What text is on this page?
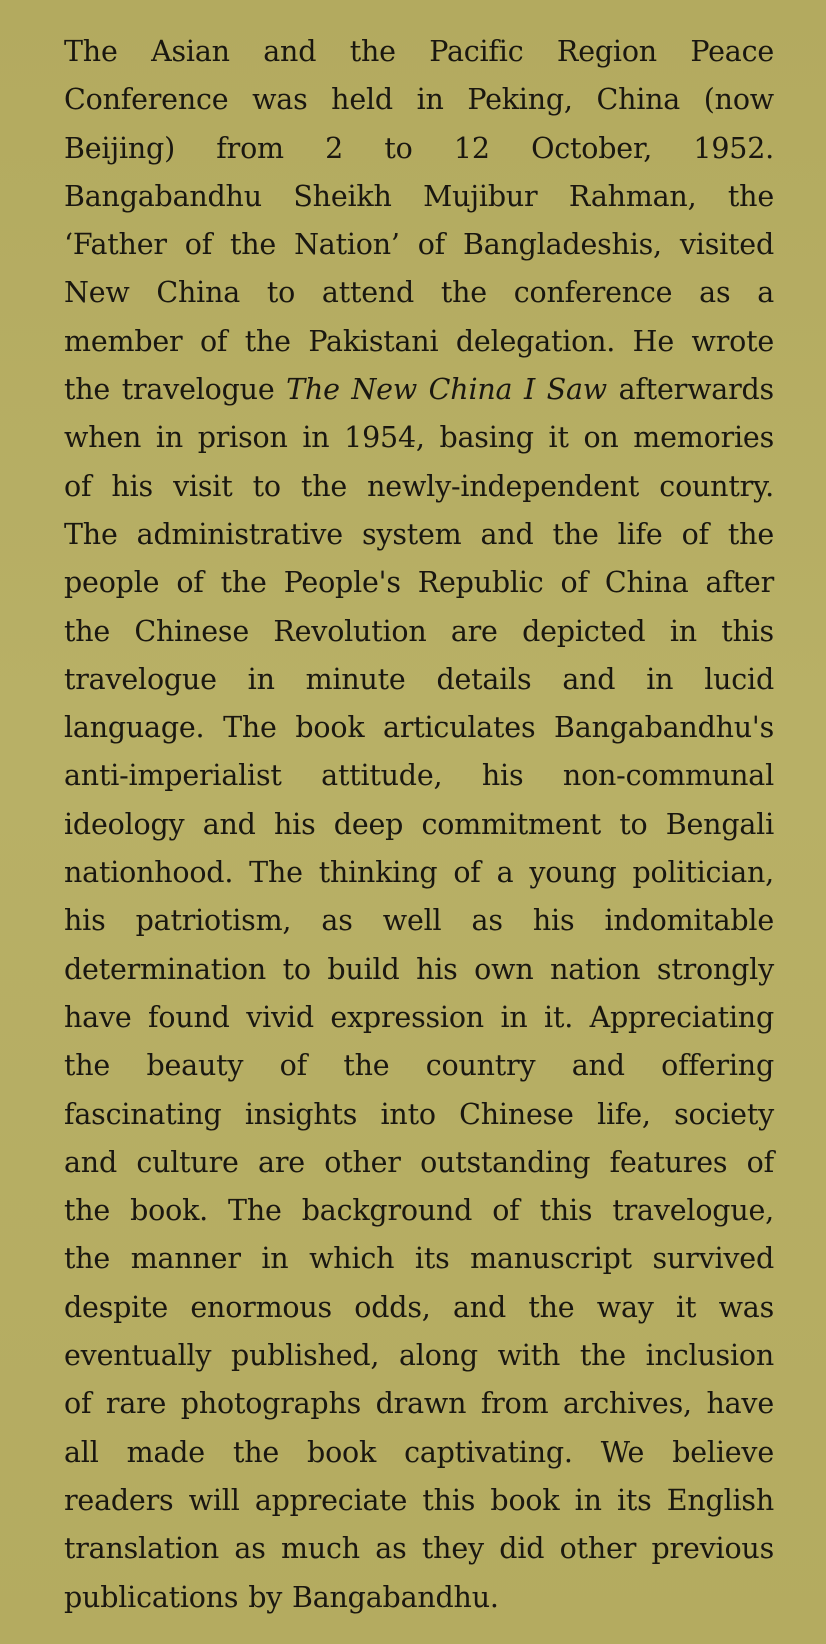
The Asian and the Pacific Region Peace
Conference was held in Peking, China (now
Beijing) from 2 to 12 October, 1952.
Bangabandhu Sheikh Mujibur Rahman, the
‘Father of the Nation’ of Bangladeshis, visited
New China to attend the conference as a
member of the Pakistani delegation. He wrote
the travelogue The New China I Saw afterwards
when in prison in 1954, basing it on memories
of his visit to the newly-independent country.
The administrative system and the life of the
people of the People's Republic of China after
the Chinese Revolution are depicted in this
travelogue in minute details and in lucid
language. The book articulates Bangabandhu's
anti-imperialist attitude, his non-communal
ideology and his deep commitment to Bengali
nationhood. The thinking of a young politician,
his patriotism, as well as his indomitable
determination to build his own nation strongly
have found vivid expression in it. Appreciating
the beauty of the country and offering
fascinating insights into Chinese life, society
and culture are other outstanding features of
the book. The background of this travelogue,
the manner in which its manuscript survived
despite enormous odds, and the way it was
eventually published, along with the inclusion
of rare photographs drawn from archives, have
all made the book captivating. We believe
readers will appreciate this book in its English
translation as much as they did other previous
publications by Bangabandhu.
